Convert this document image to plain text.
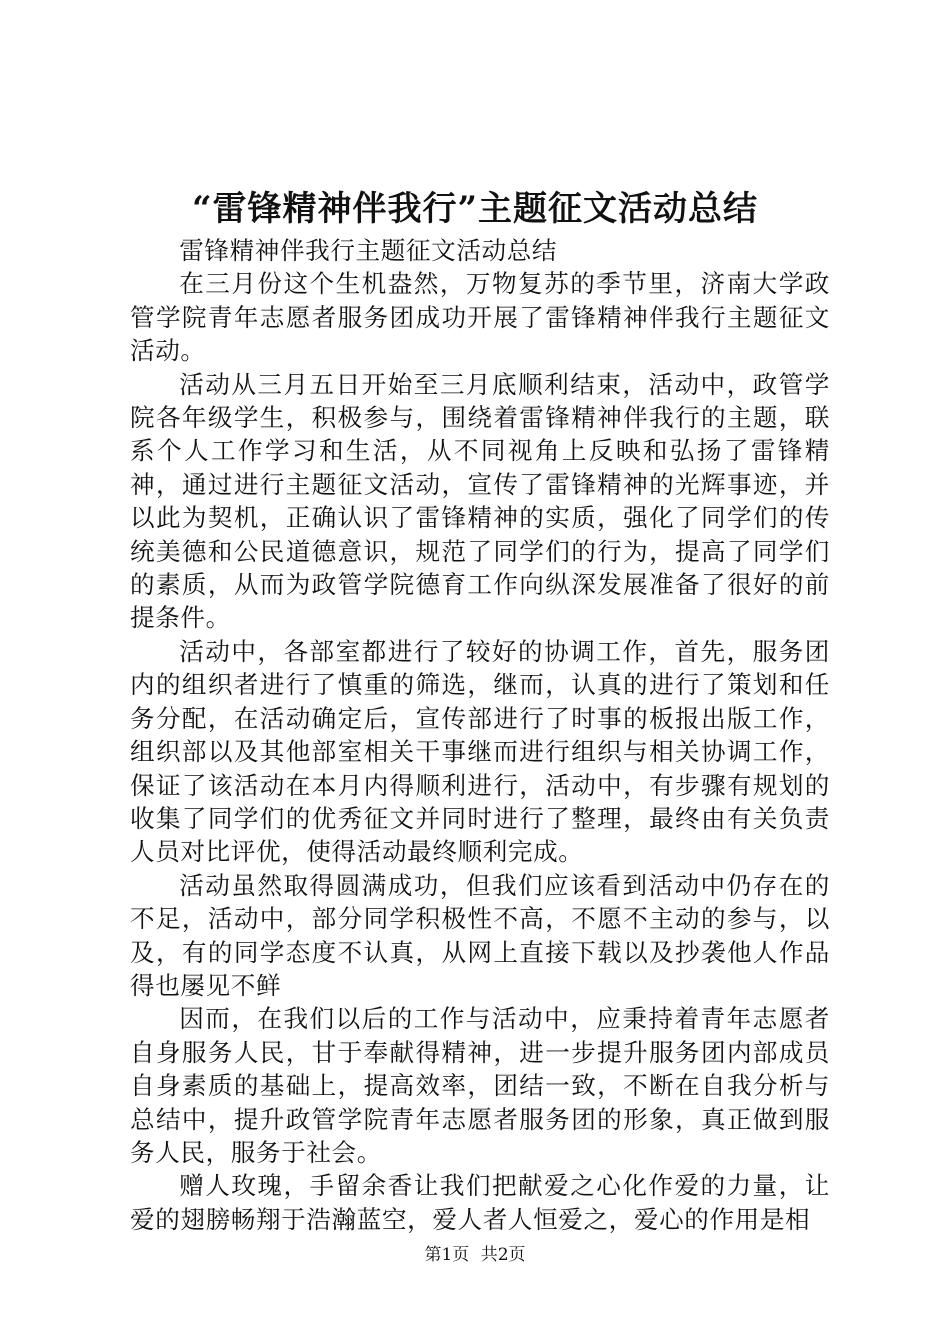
“雷锋精神伴我行”主题征文活动总结

雷锋精神伴我行主题征文活动总结

在三月份这个生机盎然，万物复苏的季节里，济南大学政管学院青年志愿者服务团成功开展了雷锋精神伴我行主题征文活动。

活动从三月五日开始至三月底顺利结束，活动中，政管学院各年级学生，积极参与，围绕着雷锋精神伴我行的主题，联系个人工作学习和生活，从不同视角上反映和弘扬了雷锋精神，通过进行主题征文活动，宣传了雷锋精神的光辉事迹，并以此为契机，正确认识了雷锋精神的实质，强化了同学们的传统美德和公民道德意识，规范了同学们的行为，提高了同学们的素质，从而为政管学院德育工作向纵深发展准备了很好的前提条件。

活动中，各部室都进行了较好的协调工作，首先，服务团内的组织者进行了慎重的筛选，继而，认真的进行了策划和任务分配，在活动确定后，宣传部进行了时事的板报出版工作，组织部以及其他部室相关干事继而进行组织与相关协调工作，保证了该活动在本月内得顺利进行，活动中，有步骤有规划的收集了同学们的优秀征文并同时进行了整理，最终由有关负责人员对比评优，使得活动最终顺利完成。

活动虽然取得圆满成功，但我们应该看到活动中仍存在的不足，活动中，部分同学积极性不高，不愿不主动的参与，以及，有的同学态度不认真，从网上直接下载以及抄袭他人作品得也屡见不鲜

因而，在我们以后的工作与活动中，应秉持着青年志愿者自身服务人民，甘于奉献得精神，进一步提升服务团内部成员自身素质的基础上，提高效率，团结一致，不断在自我分析与总结中，提升政管学院青年志愿者服务团的形象，真正做到服务人民，服务于社会。

赠人玫瑰，手留余香让我们把献爱之心化作爱的力量，让爱的翅膀畅翔于浩瀚蓝空，爱人者人恒爱之，爱心的作用是相

第1页 共2页
